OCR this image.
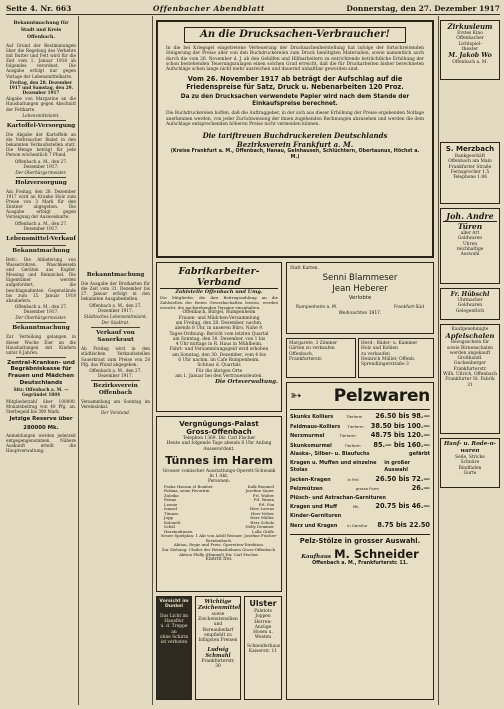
Seite 4. Nr. 663	Offenbacher Abendblatt	Donnerstag, den 27. Dezember 1917

Bekanntmachung für Stadt und Kreis Offenbach.

Auf Grund der Bestimmungen über die Regelung des Verkehrs mit Butter und Fett wird für die Zeit vom 1. Januar 1918 ab folgendes verordnet. Die Ausgabe erfolgt nur gegen Vorlage der Lebensmittelkarte.

Freitag, den 28. Dezember 1917 und Samstag, den 29. Dezember 1917

Abgabe von Margarine an die Haushaltungen gegen Abschnitt der Fettkarte.

Lebensmittelamt.

Kartoffel-Versorgung

Die Abgabe der Kartoffeln an die Verbraucher findet in den bekannten Verkaufsstellen statt. Die Menge beträgt für jede Person wöchentlich 7 Pfund.

Offenbach a. M., den 27. Dezember 1917.

Der Oberbürgermeister.

Holzversorgung

Am Freitag, den 28. Dezember 1917 wird an Kranke Holz zum Preise von 3 Mark für den Zentner abgegeben. Die Ausgabe erfolgt gegen Vorzeigung der Ausweiskarte.

Offenbach a. M., den 27. Dezember 1917.

Lebensmittel-Verkauf

Bekanntmachung

Betr.: Die Ablieferung von Wasserrohren, Waschkesseln und Geräten aus Kupfer, Messing und Reinnickel. Die Eigentümer werden aufgefordert, die beschlagnahmten Gegenstände bis zum 15. Januar 1918 abzuliefern.

Offenbach a. M., den 27. Dezember 1917.

Der Oberbürgermeister.

Bekanntmachung

Zur Verteilung gelangen in dieser Woche Eier an die Haushaltungen mit Kindern unter 6 Jahren.

Zentral-Kranken- und Begräbniskasse für Frauen und Mädchen Deutschlands

Sitz: Offenbach a. M. — Gegründet 1884

Mitgliederzahl über 100000. Monatsbeitrag von 40 Pfg. an. Sterbegeld bis 300 Mark.

Jetzige Reserve über 280000 Mk.

Anmeldungen werden jederzeit entgegengenommen. Nähere Auskunft erteilt die Hauptverwaltung.

Bekanntmachung

Die Ausgabe der Brotkarten für die Zeit vom 31. Dezember bis 27. Januar erfolgt in den bekannten Ausgabestellen.

Offenbach a. M., den 27. Dezember 1917.

Städtisches Lebensmittelamt.

Der Stadtrat.

Verkauf von Sauerkraut

Ab Freitag wird in den städtischen Verkaufsstellen Sauerkraut zum Preise von 28 Pfg. das Pfund abgegeben.

Offenbach a. M., den 27. Dezember 1917.

Bezirksverein Offenbach

Versammlung am Sonntag im Vereinslokal.

Der Vorstand.

An die Drucksachen-Verbraucher!

In die bei Kriegsgel eingetretene Verteuerung der Drucksachenherstellung hat infolge der fortschreitenden Steigerung der Preise aller von den Buchdruckereien zum Druck benötigten Materialien, sowie namentlich auch durch die vom 26. November d. J. ab den Gehilfen und Hilfsarbeitern zu entrichtende beträchtliche Erhöhung der schon bestehenden Teuerungszulagen einen solchen Grad erreicht, daß die für Druckarbeiten bisher berechneten Aufschläge schon lange nicht mehr ausreichen und dauernd unhaltbar geworden sind.

Vom 26. November 1917 ab beträgt der Aufschlag auf die Friedenspreise für Satz, Druck u. Nebenarbeiten 120 Proz.

Da zu den Drucksachen verwendete Papier wird nach dem Stande der Einkaufspreise berechnet.

Die Buchdruckereien hoffen, daß die Auftraggeber, in der sich aus dieser Erhöhung der Preise ergebenden Notlage anerkennen werden, von jeder Zurückweisung der ihnen zugehenden Rechnungen abzusehen und werden die dem Aufschlage entsprechenden höheren Preise nicht vermeiden können.

Die tariftreuen Buchdruckereien Deutschlands

Bezirksverein Frankfurt a. M.

(Kreise Frankfurt a. M., Offenbach, Hanau, Gelnhausen, Schlüchtern, Obertaunus, Höchst a. M.)

Zirkusleum
Erstes Kino
Offenbacher
Lichtspiel-
theater
M. Jakob Wo
Offenbach a. M.
S. Merzbach
Bankgeschäft
Offenbach am Main
Frankfurter Straße
Fernsprecher 1.5
Telephone 1.86
Joh. Andre
Türen
aller Art
Goldwaren
Uhren
reichhaltige
Auswahl
Fr. Hübschl
Uhrmacher
Goldwaren
Gelegentlich
Kaufgenehmigte
Apfelschalen
Bezugsschein für
sowie Birnenschalen
werden angekauft
Großhandl. Guckenberger
Frankfurterstr.
Wilh. Ullrich, Offenbach
Frankfurter St. Fabrik 31
Hanf- u. Rode-n-waren
Seile, Stricke
Schnüre
Bindfaden
Gurte
Fabrikarbeiter-Verband
Zahlstelle Offenbach und Umg.

Die Mitglieder, die ihre Beitragszahlung an die Zahlstellen der freien Gewerkschaften leisten, werden ersucht, die nachstehenden Termine einzuhalten.

Offenbach, Bürgel, Rumpenheim
Frauen- und Mädchen-Versammlung
am Freitag, den 28. Dezember, nachm.
abends 8 Uhr, in unseren Büro, Nahe 9.
Tages-Ordnung: Bericht vom letzten Quartal
am Sonntag, den 30. Dezember, von 1 bis
4 Uhr mittags in R. Haus in Mühlheim.
Fahrt- und Versammlungsgeld wird erhoben
am Sonntag, den 30. Dezember, vom 4 bis
6 Uhr nachm. im Cafe Rumpenheim.
Schluss d. Quartals
Für die übrigen Orte
am 1. Januar bei den Vertrauensleuten.
Die Ortsverwaltung.
Statt Karten.
Senni Blammeser
Jean Heberer
Verlobte
Rumpenheim a. M.	Frankfurt-Süd
Weihnachten 1917.
Margarete, 3 Zimmer
Gärten zu verkaufen
Offenbach,
Frankfurterstr.
Herd-, Bäder- u. Kammer
Holz und Kohlen
zu verkaufen
Heinrich Müller, Offenb.
Sprendlingerstraße 3
Vergnügungs-Palast
Gross-Offenbach
Telephon 1369. Dir. Carl Fischer
Heute und folgende Tage abends 8 Uhr Anfang
Ausserordent.
Tünnes im Harem
Grosser comischer Ausstattungs-Operett-Schwank in 1 Akt.
Personen:
Pasha Hassan el Bomber	Kalk Bommel
Fatima, seine Favoritin	Josefine Sauer
Zuleika	Frl. Walter
Fatme	Frl. Braun
Leonie	Frl. Fox
Ismael	Herr Lorenz
Tünnes	Herr Neber
Jupp	Herr Müller
Kolonelt	Herr Schulz
Schäl	Nelly Demmer
Haremsfrauen	Lolla Gräfe
Neuer Spielplan: 1 Akt von Adolf Reisner. Josefine Fischer-Breidenbach.
Aktion, Regie und Preis: Operetten-Direktion.
Zur Ziehung: Ulnder der Heimatbühnen Gross-Offenbach.
Aktion Philly (Himmel) Dir. Carl Fischer.
Eintritt frei.
Vorsicht im Dunkel
Das Licht im Hausflur
u. d. Treppe an
ohne Schirm
ist verboten
Wichtige Zeichenmittel
sowie Zeichenutensilien
und Bureaubedarf
empfiehlt zu
billigsten Preisen
Ludwig Schmahl
Frankfurterstr. 30
Ulster
Paletots
Joppen
Herren-Anzüge
Hosen u. Westen
Schneiderhaus
Kaiserstr. 11
➳ Pelzwaren
Skunks Kolliers	Tierform 26.50 bis 98.—
Feldmaus-Kolliers Tierform 38.50 bis 100.—
Nerzmurmel	Tierform 48.75 bis 120.—
Skunksmurmel	Tierform 85.— bis 160.—
Alaska-, Silber- u. Blaufuchs	gefärbt
Kragen u. Muffen und einzelne Stolas
in großer Auswahl
Jacken-Kragen	in Fell	26.50 bis 72.—
Pelzmützen	grosse Form	26.—
Plüsch- und Astrachan-Garnituren
Kragen und Muff	Mk. 20.75 bis 46.—
Kinder-Garnituren
Nerz und Kragen	in Garnitur 8.75 bis 22.50
Pelz-Stölze in grosser Auswahl.
Kaufhaus M. Schneider
Offenbach a. M., Frankfurterstr. 11.
